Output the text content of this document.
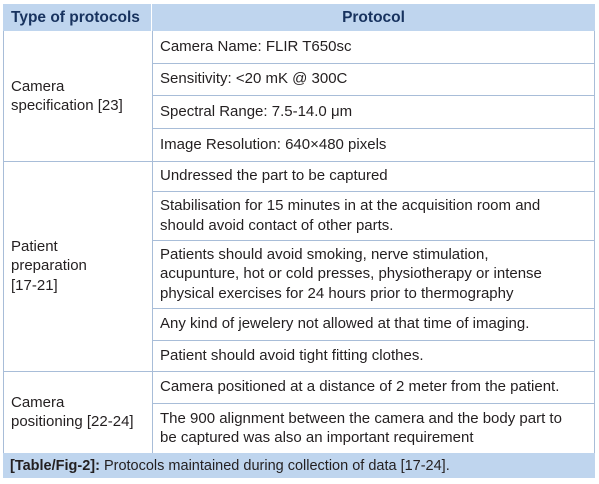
Type of protocols	Protocol
Camera
specification [23]
Camera Name: FLIR T650sc
Sensitivity: <20 mK @ 300C
Spectral Range: 7.5-14.0 μm
Image Resolution: 640×480 pixels
Patient
preparation
[17-21]
Undressed the part to be captured
Stabilisation for 15 minutes in at the acquisition room and
should avoid contact of other parts.
Patients should avoid smoking, nerve stimulation,
acupunture, hot or cold presses, physiotherapy or intense
physical exercises for 24 hours prior to thermography
Any kind of jewelery not allowed at that time of imaging.
Patient should avoid tight fitting clothes.
Camera
positioning [22-24]
Camera positioned at a distance of 2 meter from the patient.
The 900 alignment between the camera and the body part to
be captured was also an important requirement
[Table/Fig-2]: Protocols maintained during collection of data [17-24].
